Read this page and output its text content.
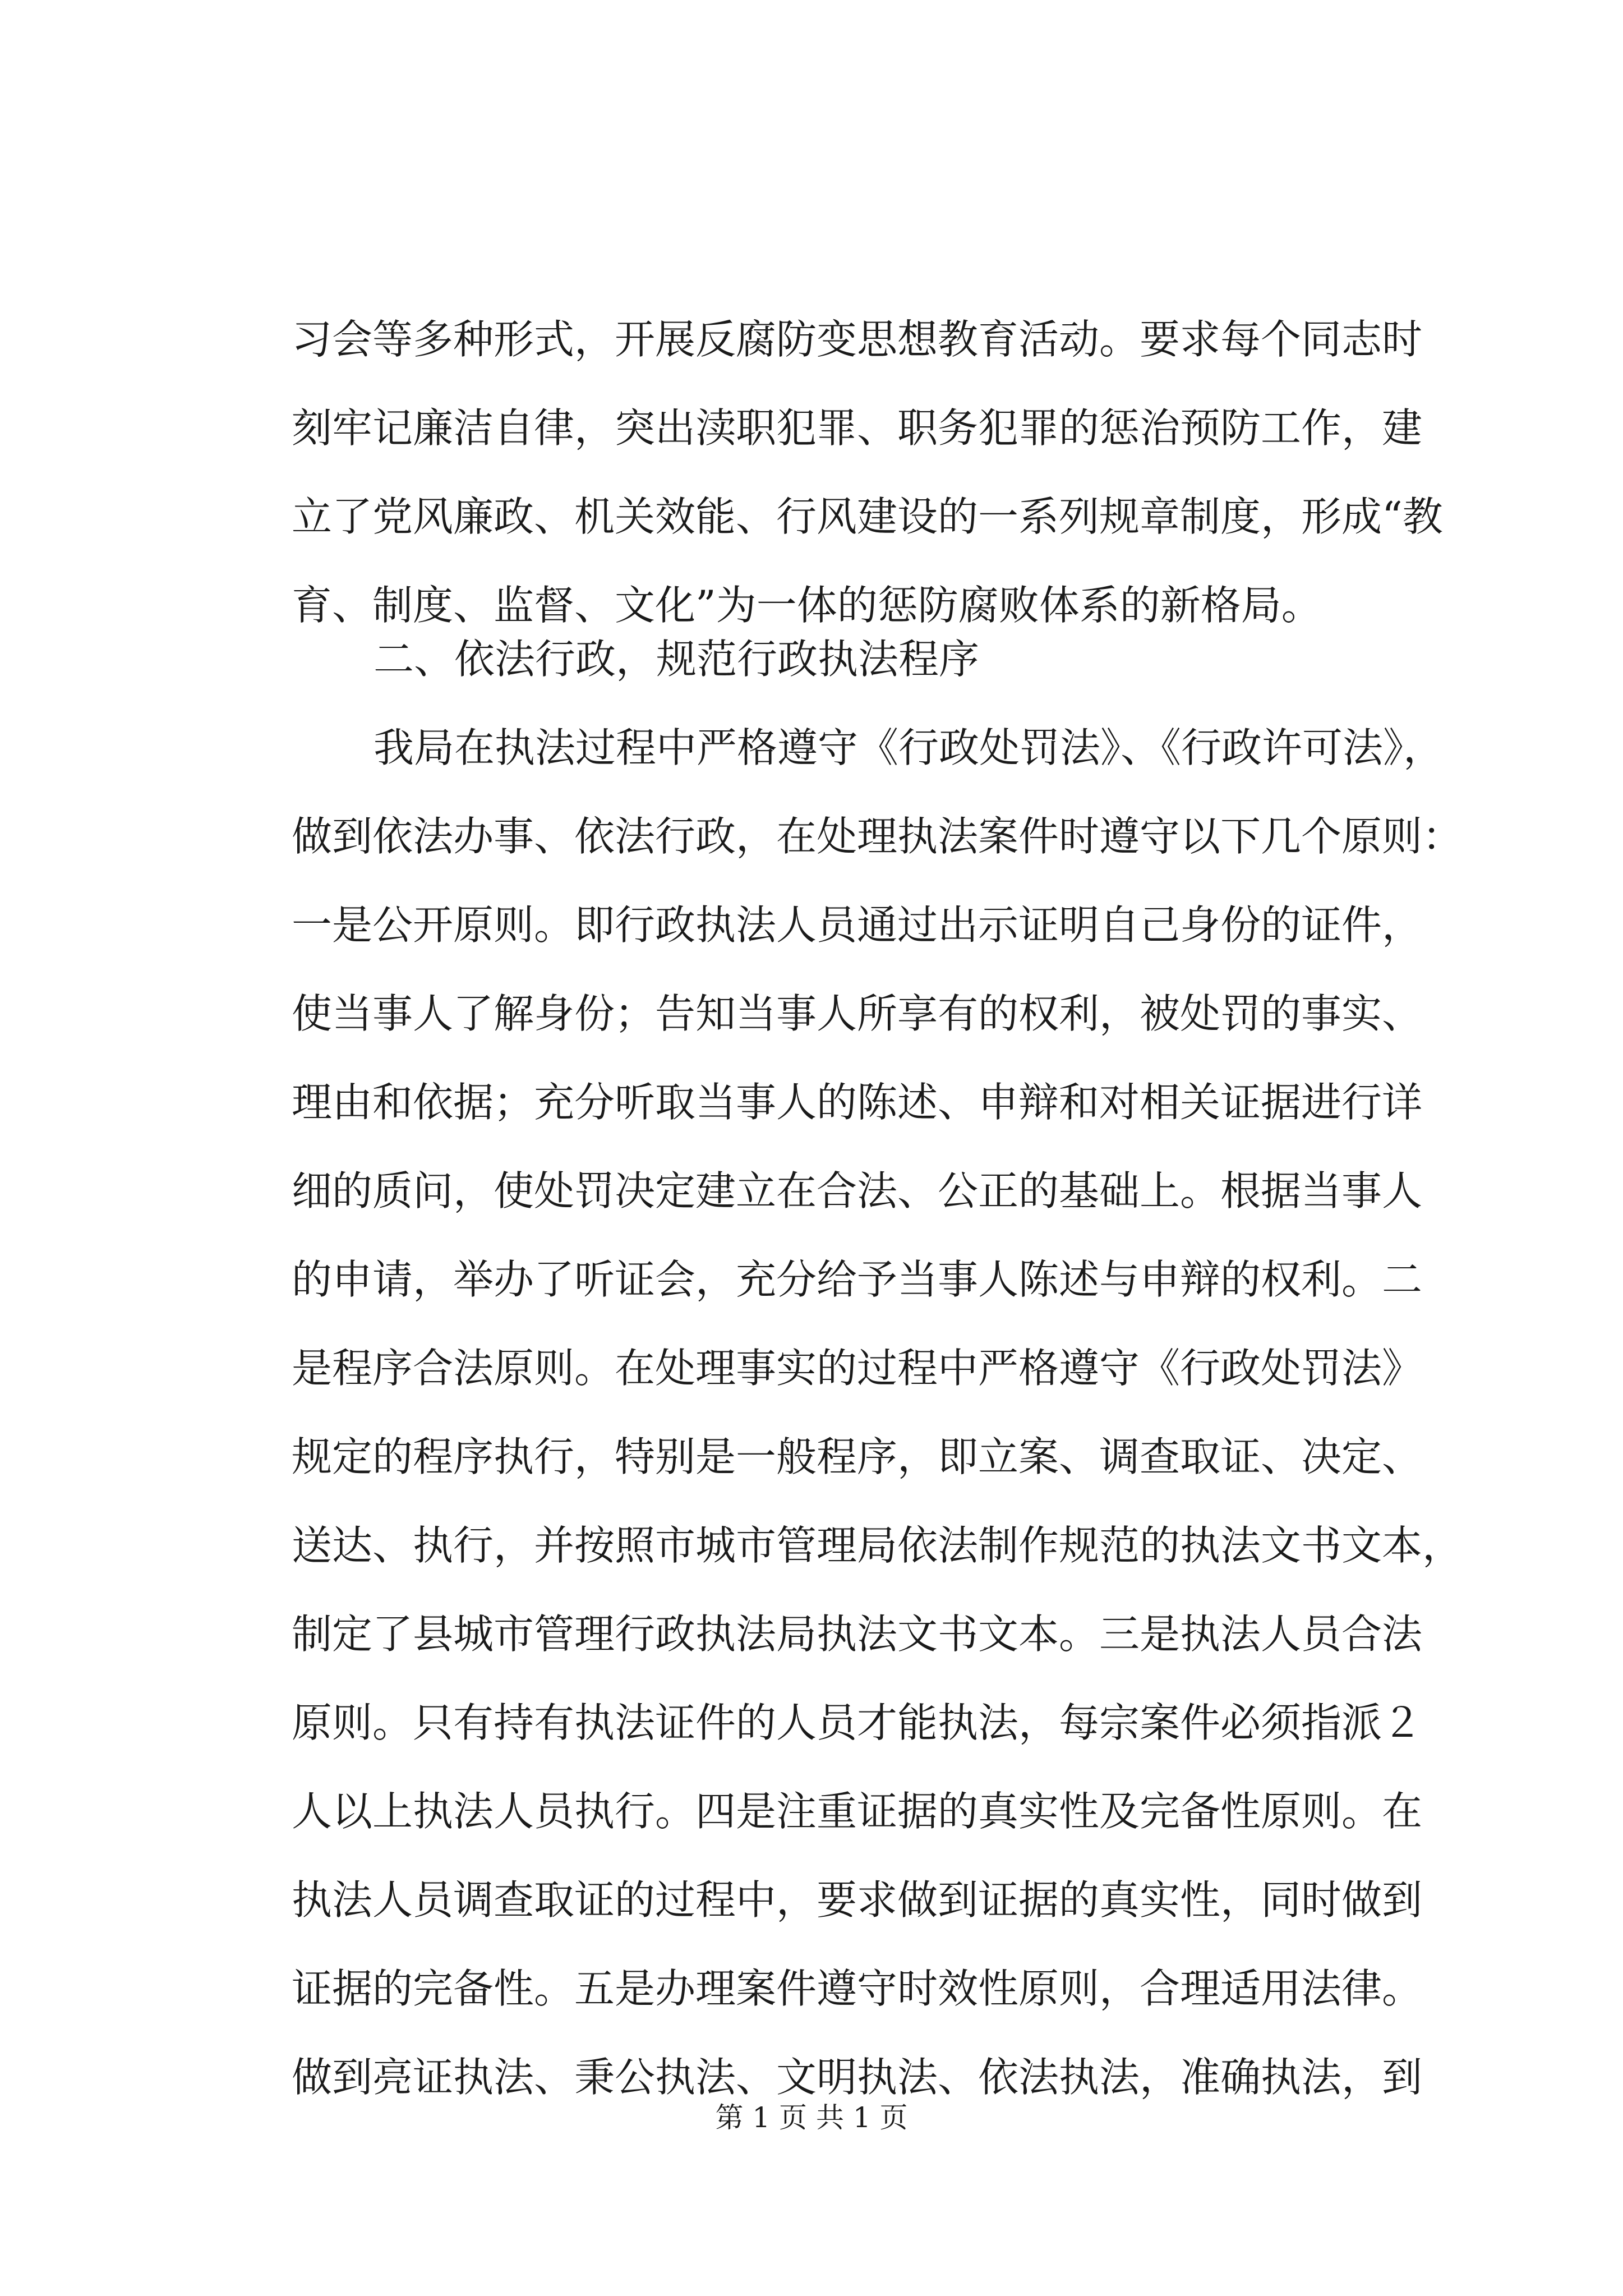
习会等多种形式，开展反腐防变思想教育活动。要求每个同志时
刻牢记廉洁自律，突出渎职犯罪、职务犯罪的惩治预防工作，建
立了党风廉政、机关效能、行风建设的一系列规章制度，形成“教
育、制度、监督、文化”为一体的惩防腐败体系的新格局。
二、依法行政，规范行政执法程序
我局在执法过程中严格遵守《行政处罚法》、《行政许可法》，
做到依法办事、依法行政，在处理执法案件时遵守以下几个原则：
一是公开原则。即行政执法人员通过出示证明自己身份的证件，
使当事人了解身份；告知当事人所享有的权利，被处罚的事实、
理由和依据；充分听取当事人的陈述、申辩和对相关证据进行详
细的质问，使处罚决定建立在合法、公正的基础上。根据当事人
的申请，举办了听证会，充分给予当事人陈述与申辩的权利。二
是程序合法原则。在处理事实的过程中严格遵守《行政处罚法》
规定的程序执行，特别是一般程序，即立案、调查取证、决定、
送达、执行，并按照市城市管理局依法制作规范的执法文书文本，
制定了县城市管理行政执法局执法文书文本。三是执法人员合法
原则。只有持有执法证件的人员才能执法，每宗案件必须指派２
人以上执法人员执行。四是注重证据的真实性及完备性原则。在
执法人员调查取证的过程中，要求做到证据的真实性，同时做到
证据的完备性。五是办理案件遵守时效性原则，合理适用法律。
做到亮证执法、秉公执法、文明执法、依法执法，准确执法，到
第 1 页 共 1 页
